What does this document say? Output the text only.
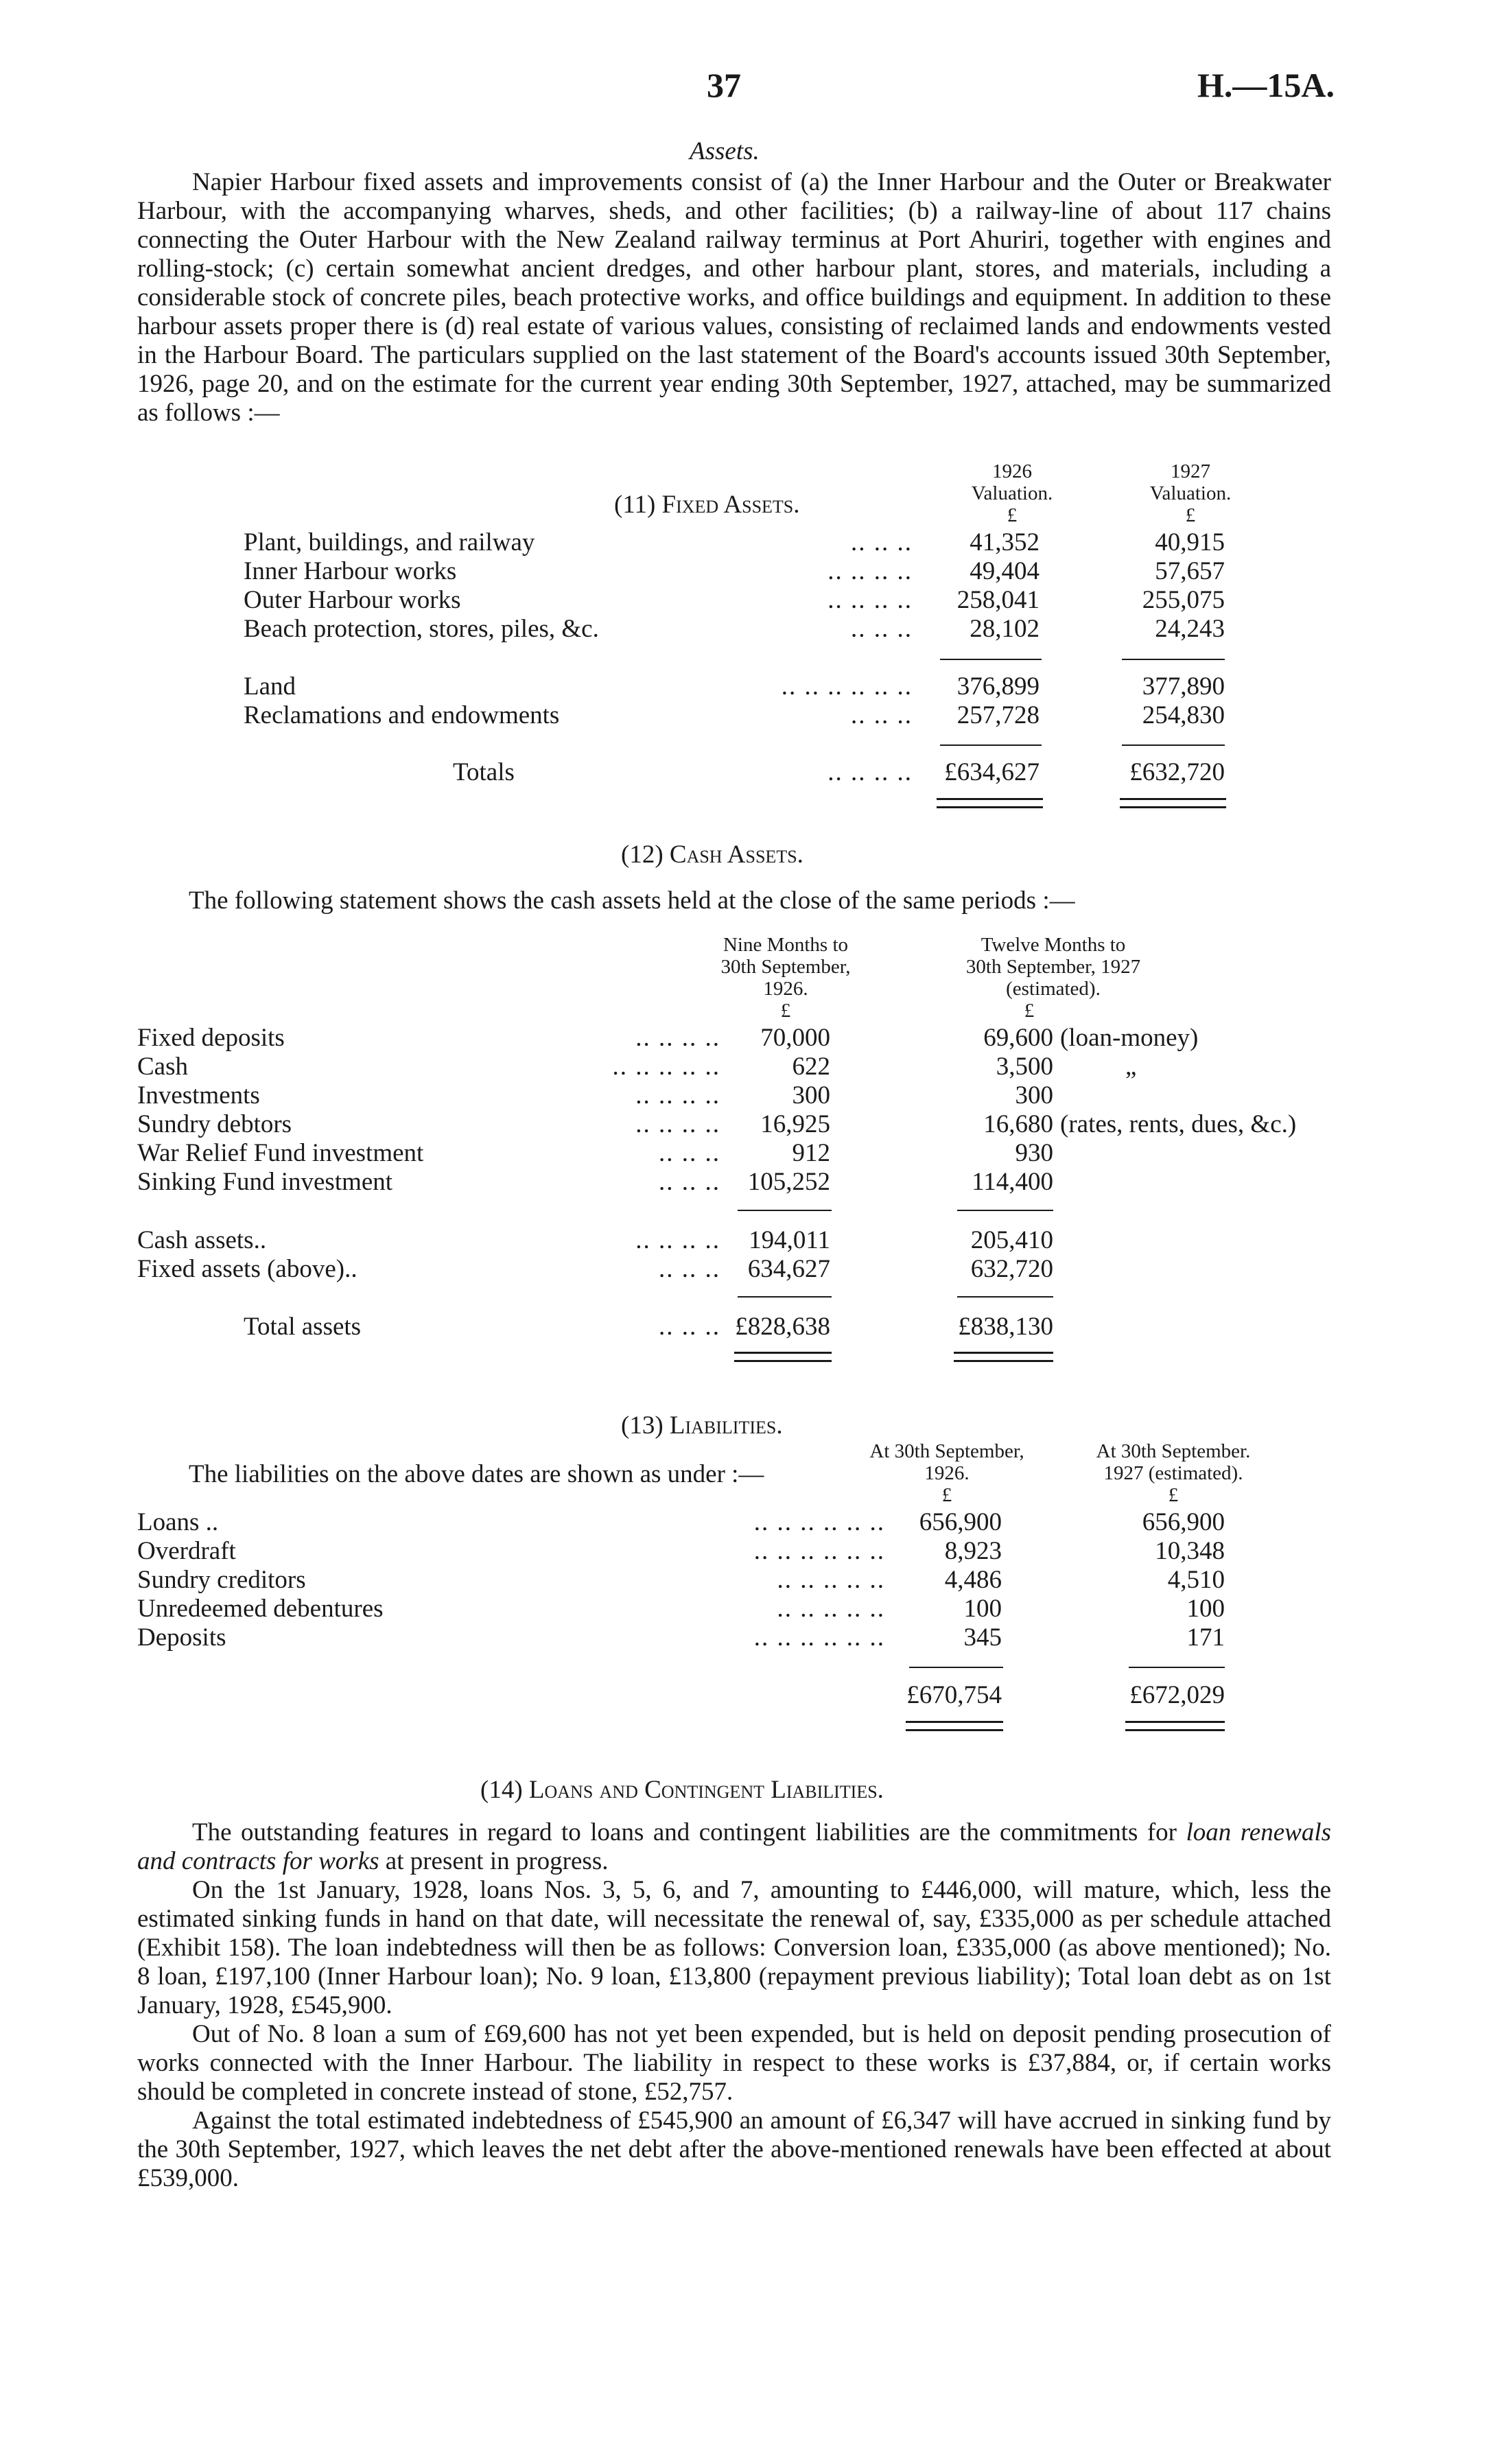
37	H.—15A.
Assets.

Napier Harbour fixed assets and improvements consist of (a) the Inner Harbour and the Outer or Breakwater Harbour, with the accompanying wharves, sheds, and other facilities; (b) a railway-line of about 117 chains connecting the Outer Harbour with the New Zealand railway terminus at Port Ahuriri, together with engines and rolling-stock; (c) certain somewhat ancient dredges, and other harbour plant, stores, and materials, including a considerable stock of concrete piles, beach protective works, and office buildings and equipment. In addition to these harbour assets proper there is (d) real estate of various values, consisting of reclaimed lands and endowments vested in the Harbour Board. The particulars supplied on the last statement of the Board's accounts issued 30th September, 1926, page 20, and on the estimate for the current year ending 30th September, 1927, attached, may be summarized as follows :—

(11) Fixed Assets.
1926
Valuation.
£
1927
Valuation.
£
Plant, buildings, and railway	.. .. ..	41,352	40,915
Inner Harbour works	.. .. .. ..	49,404	57,657
Outer Harbour works	.. .. .. ..	258,041	255,075
Beach protection, stores, piles, &c.	.. .. ..	28,102	24,243
Land	.. .. .. .. .. ..	376,899	377,890
Reclamations and endowments	.. .. ..	257,728	254,830
Totals	.. .. .. ..	£634,627	£632,720
(12) Cash Assets.
The following statement shows the cash assets held at the close of the same periods :—
Nine Months to
30th September,
1926.
£
Twelve Months to
30th September, 1927
(estimated).
£
Fixed deposits	.. .. .. ..	70,000	69,600 (loan-money)
Cash	.. .. .. .. ..	622	3,500	„
Investments	.. .. .. ..	300	300
Sundry debtors	.. .. .. ..	16,925	16,680 (rates, rents, dues, &c.)
War Relief Fund investment	.. .. ..	912	930
Sinking Fund investment	.. .. ..	105,252	114,400
Cash assets..	.. .. .. ..	194,011	205,410
Fixed assets (above)..	.. .. ..	634,627	632,720
Total assets	.. .. .. £828,638	£838,130
(13) Liabilities.
The liabilities on the above dates are shown as under :—
At 30th September,
1926.
£
At 30th September.
1927 (estimated).
£
Loans ..	.. .. .. .. .. ..	656,900	656,900
Overdraft	.. .. .. .. .. ..	8,923	10,348
Sundry creditors	.. .. .. .. ..	4,486	4,510
Unredeemed debentures	.. .. .. .. ..	100	100
Deposits	.. .. .. .. .. ..	345	171
£670,754	£672,029
(14) Loans and Contingent Liabilities.

The outstanding features in regard to loans and contingent liabilities are the commitments for loan renewals and contracts for works at present in progress.

On the 1st January, 1928, loans Nos. 3, 5, 6, and 7, amounting to £446,000, will mature, which, less the estimated sinking funds in hand on that date, will necessitate the renewal of, say, £335,000 as per schedule attached (Exhibit 158). The loan indebtedness will then be as follows: Conversion loan, £335,000 (as above mentioned); No. 8 loan, £197,100 (Inner Harbour loan); No. 9 loan, £13,800 (repayment previous liability); Total loan debt as on 1st January, 1928, £545,900.

Out of No. 8 loan a sum of £69,600 has not yet been expended, but is held on deposit pending prosecution of works connected with the Inner Harbour. The liability in respect to these works is £37,884, or, if certain works should be completed in concrete instead of stone, £52,757.

Against the total estimated indebtedness of £545,900 an amount of £6,347 will have accrued in sinking fund by the 30th September, 1927, which leaves the net debt after the above-mentioned renewals have been effected at about £539,000.
